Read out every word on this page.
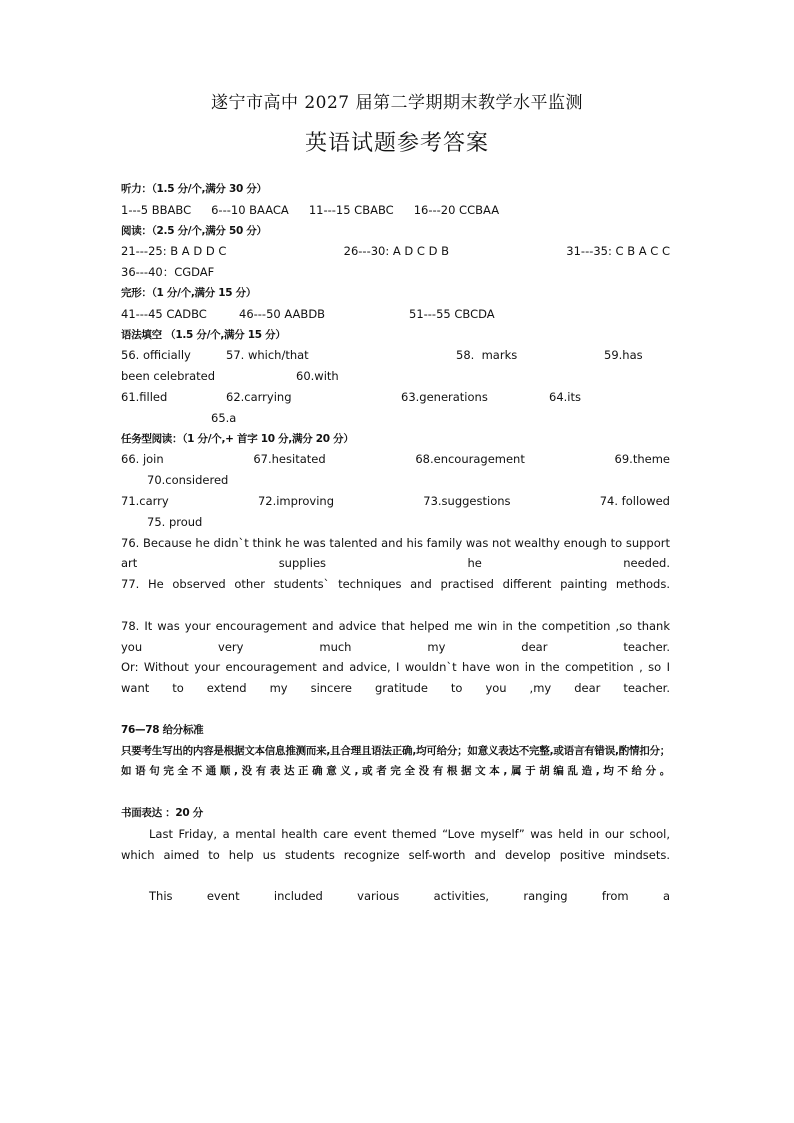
遂宁市高中 2027 届第二学期期末教学水平监测
英语试题参考答案
听力：（1.5 分/个,满分 30 分）
1---5 BBABC 6---10 BAACA 11---15 CBABC 16---20 CCBAA
阅读：（2.5 分/个,满分 50 分）
21---25: B A D D C	26---30: A D C D B	31---35: C B A C C
36---40：CGDAF
完形：（1 分/个,满分 15 分）
41---45 CADBC	46---50 AABDB	51---55 CBCDA
语法填空 （1.5 分/个,满分 15 分）
56. officially	57. which/that	58.  marks	59.has
been celebrated	60.with
61.filled	62.carrying	63.generations	64.its
65.a
任务型阅读：（1 分/个,+ 首字 10 分,满分 20 分）
66. join	67.hesitated	68.encouragement	69.theme
70.considered
71.carry	72.improving	73.suggestions	74. followed
75. proud
76. Because he didn`t think he was talented and his family was not wealthy enough to support art supplies he needed.
77. He observed other students` techniques and practised different painting methods.
78. It was your encouragement and advice that helped me win in the competition ,so thank you very much my dear teacher.
Or: Without your encouragement and advice, I wouldn`t have won in the competition , so I want to extend my sincere gratitude to you ,my dear teacher.
76—78 给分标准
只要考生写出的内容是根据文本信息推测而来,且合理且语法正确,均可给分；如意义表达不完整,或语言有错误,酌情扣分；如语句完全不通顺,没有表达正确意义,或者完全没有根据文本,属于胡编乱造,均不给分。
书面表达 ：20 分
Last Friday, a mental health care event themed “Love myself” was held in our school, which aimed to help us students recognize self-worth and develop positive mindsets.
This event included various activities, ranging from a
